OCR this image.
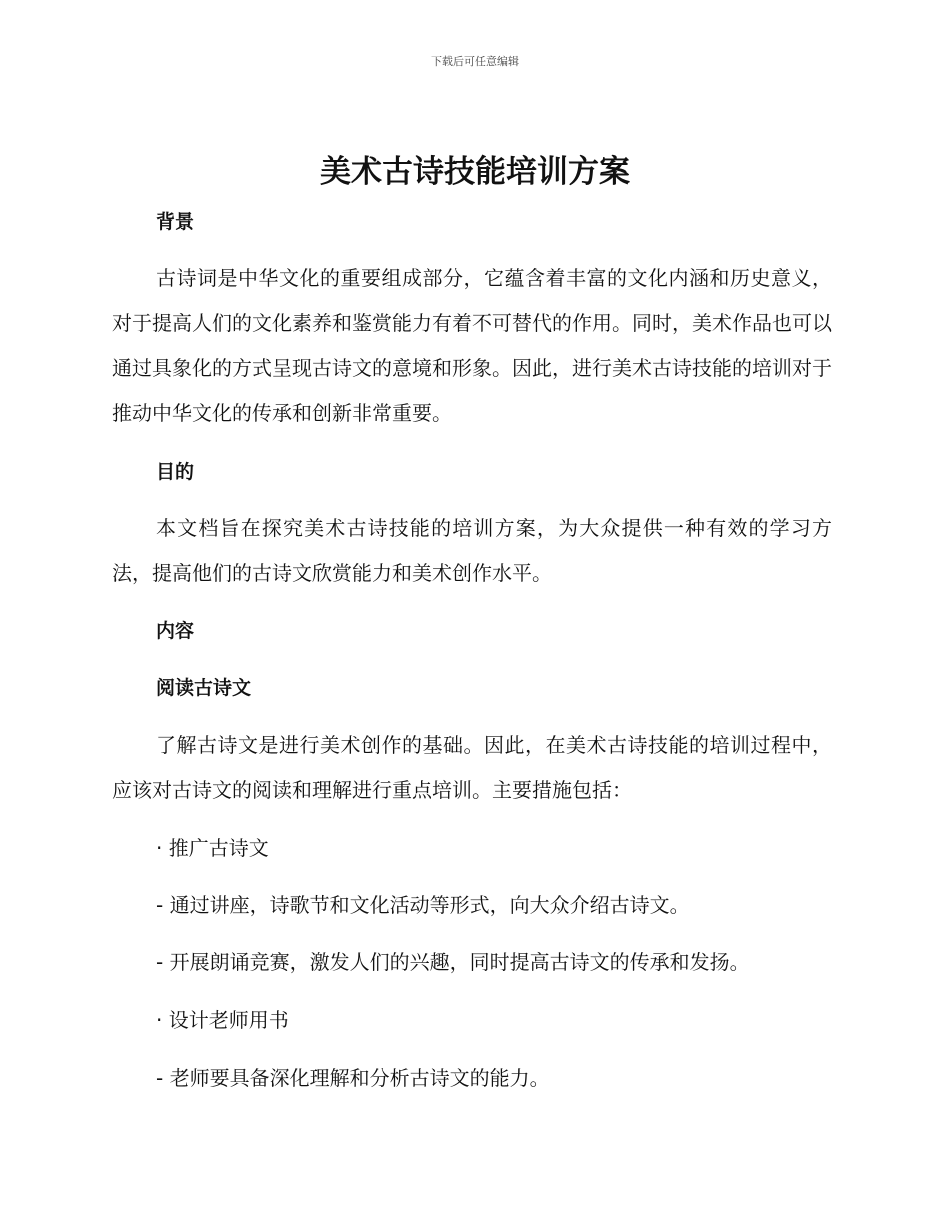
下载后可任意编辑
美术古诗技能培训方案
背景

古诗词是中华文化的重要组成部分，它蕴含着丰富的文化内涵和历史意义，对于提高人们的文化素养和鉴赏能力有着不可替代的作用。同时，美术作品也可以通过具象化的方式呈现古诗文的意境和形象。因此，进行美术古诗技能的培训对于推动中华文化的传承和创新非常重要。

目的

本文档旨在探究美术古诗技能的培训方案，为大众提供一种有效的学习方法，提高他们的古诗文欣赏能力和美术创作水平。

内容
阅读古诗文

了解古诗文是进行美术创作的基础。因此，在美术古诗技能的培训过程中，应该对古诗文的阅读和理解进行重点培训。主要措施包括：

· 推广古诗文

- 通过讲座，诗歌节和文化活动等形式，向大众介绍古诗文。

- 开展朗诵竞赛，激发人们的兴趣，同时提高古诗文的传承和发扬。

· 设计老师用书

- 老师要具备深化理解和分析古诗文的能力。
